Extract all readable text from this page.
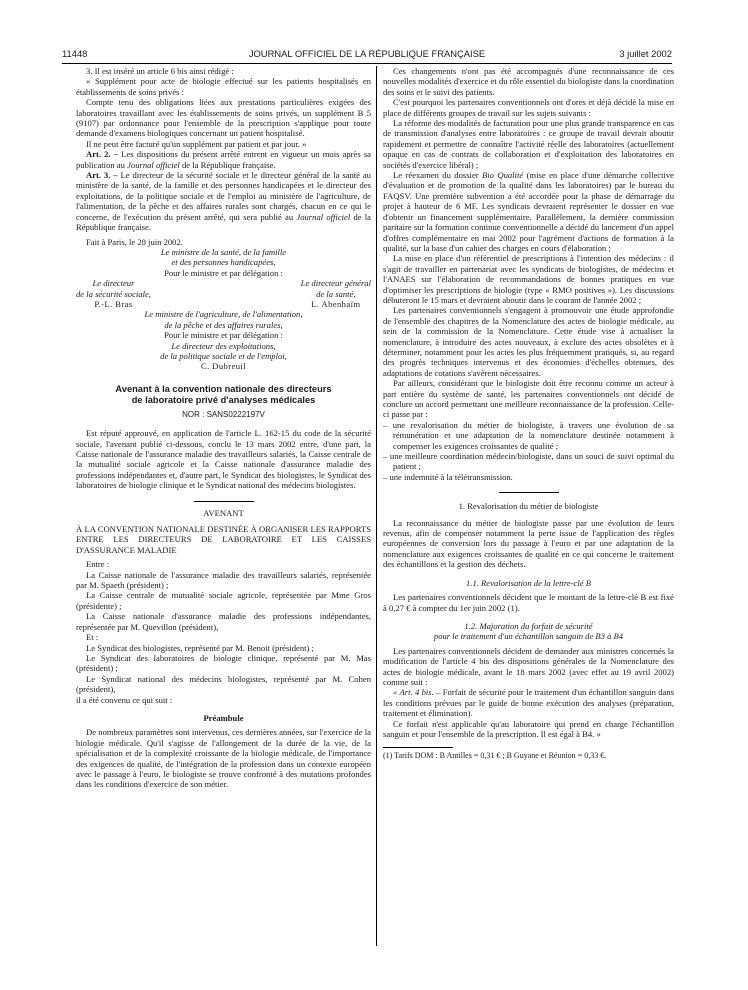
11448	JOURNAL OFFICIEL DE LA RÉPUBLIQUE FRANÇAISE	3 juillet 2002

3. Il est inséré un article 6 bis ainsi rédigé :

« Supplément pour acte de biologie effectué sur les patients hospitalisés en établissements de soins privés :

Compte tenu des obligations liées aux prestations particulières exigées des laboratoires travaillant avec les établissements de soins privés, un supplément B 5 (9107) par ordonnance pour l'ensemble de la prescription s'applique pour toute demande d'examens biologiques concernant un patient hospitalisé.

Il ne peut être facturé qu'un supplément par patient et par jour. »

Art. 2. – Les dispositions du présent arrêté entrent en vigueur un mois après sa publication au Journal officiel de la République française.

Art. 3. – Le directeur de la sécurité sociale et le directeur général de la santé au ministère de la santé, de la famille et des personnes handicapées et le directeur des exploitations, de la politique sociale et de l'emploi au ministère de l'agriculture, de l'alimentation, de la pêche et des affaires rurales sont chargés, chacun en ce qui le concerne, de l'exécution du présent arrêté, qui sera publié au Journal officiel de la République française.

Fait à Paris, le 28 juin 2002.

Le ministre de la santé, de la famille
et des personnes handicapées,
Pour le ministre et par délégation :
Le directeur
de la sécurité sociale,
P.-L. Bras
Le directeur général
de la santé,
L. Abenhaïm
Le ministre de l'agriculture, de l'alimentation,
de la pêche et des affaires rurales,
Pour le ministre et par délégation :
Le directeur des exploitations,
de la politique sociale et de l'emploi,
C. Dubreuil
Avenant à la convention nationale des directeurs
de laboratoire privé d'analyses médicales
NOR : SANS0222197V

Est réputé approuvé, en application de l'article L. 162-15 du code de la sécurité sociale, l'avenant publié ci-dessous, conclu le 13 mars 2002 entre, d'une part, la Caisse nationale de l'assurance maladie des travailleurs salariés, la Caisse centrale de la mutualité sociale agricole et la Caisse nationale d'assurance maladie des professions indépendantes et, d'autre part, le Syndicat des biologistes, le Syndicat des laboratoires de biologie clinique et le Syndicat national des médecins biologistes.

AVENANT

À LA CONVENTION NATIONALE DESTINÉE À ORGANISER LES RAPPORTS ENTRE LES DIRECTEURS DE LABORATOIRE ET LES CAISSES D'ASSURANCE MALADIE

Entre :

La Caisse nationale de l'assurance maladie des travailleurs salariés, représentée par M. Spaeth (président) ;

La Caisse centrale de mutualité sociale agricole, représentée par Mme Gros (présidente) ;

La Caisse nationale d'assurance maladie des professions indépendantes, représentée par M. Quevillon (président),

Et :

Le Syndicat des biologistes, représenté par M. Benoit (président) ;

Le Syndicat des laboratoires de biologie clinique, représenté par M. Mas (président) ;

Le Syndicat national des médecins biologistes, représenté par M. Cohen (président),

il a été convenu ce qui suit :

Préambule

De nombreux paramètres sont intervenus, ces dernières années, sur l'exercice de la biologie médicale. Qu'il s'agisse de l'allongement de la durée de la vie, de la spécialisation et de la complexité croissante de la biologie médicale, de l'importance des exigences de qualité, de l'intégration de la profession dans un contexte européen avec le passage à l'euro, le biologiste se trouve confronté à des mutations profondes dans les conditions d'exercice de son métier.

Ces changements n'ont pas été accompagnés d'une reconnaissance de ces nouvelles modalités d'exercice et du rôle essentiel du biologiste dans la coordination des soins et le suivi des patients.

C'est pourquoi les partenaires conventionnels ont d'ores et déjà décidé la mise en place de différents groupes de travail sur les sujets suivants :

La réforme des modalités de facturation pour une plus grande transparence en cas de transmission d'analyses entre laboratoires : ce groupe de travail devrait aboutir rapidement et permettre de connaître l'activité réelle des laboratoires (actuellement opaque en cas de contrats de collaboration et d'exploitation des laboratoires en sociétés d'exercice libéral) ;

Le réexamen du dossier Bio Qualité (mise en place d'une démarche collective d'évaluation et de promotion de la qualité dans les laboratoires) par le bureau du FAQSV. Une première subvention a été accordée pour la phase de démarrage du projet à hauteur de 6 MF. Les syndicats devraient représenter le dossier en vue d'obtenir un financement supplémentaire. Parallèlement, la dernière commission paritaire sur la formation continue conventionnelle a décidé du lancement d'un appel d'offres complémentaire en mai 2002 pour l'agrément d'actions de formation à la qualité, sur la base d'un cahier des charges en cours d'élaboration ;

La mise en place d'un référentiel de prescriptions à l'intention des médecins : il s'agit de travailler en partenariat avec les syndicats de biologistes, de médecins et l'ANAES sur l'élaboration de recommandations de bonnes pratiques en vue d'optimiser les prescriptions de biologie (type « RMO positives »). Les discussions débuteront le 15 mars et devraient aboutir dans le courant de l'année 2002 ;

Les partenaires conventionnels s'engagent à promouvoir une étude approfondie de l'ensemble des chapitres de la Nomenclature des actes de biologie médicale, au sein de la commission de la Nomenclature. Cette étude vise à actualiser la nomenclature, à introduire des actes nouveaux, à exclure des actes obsolètes et à déterminer, notamment pour les actes les plus fréquemment pratiqués, si, au regard des progrès techniques intervenus et des économies d'échelles obtenues, des adaptations de cotations s'avèrent nécessaires.

Par ailleurs, considérant que le biologiste doit être reconnu comme un acteur à part entière du système de santé, les partenaires conventionnels ont décidé de conclure un accord permettant une meilleure reconnaissance de la profession. Celle-ci passe par :

– une revalorisation du métier de biologiste, à travers une évolution de sa rémunération et une adaptation de la nomenclature destinée notamment à compenser les exigences croissantes de qualité ;
– une meilleure coordination médecin/biologiste, dans un souci de suivi optimal du patient ;
– une indemnité à la télétransmission.

1. Revalorisation du métier de biologiste

La reconnaissance du métier de biologiste passe par une évolution de leurs revenus, afin de compenser notamment la perte issue de l'application des règles européennes de conversion lors du passage à l'euro et par une adaptation de la nomenclature aux exigences croissantes de qualité en ce qui concerne le traitement des échantillons et la gestion des déchets.

1.1. Revalorisation de la lettre-clé B

Les partenaires conventionnels décident que le montant de la lettre-clé B est fixé à 0,27 € à compter du 1er juin 2002 (1).

1.2. Majoration du forfait de sécurité

pour le traitement d'un échantillon sanguin de B3 à B4

Les partenaires conventionnels décident de demander aux ministres concernés la modification de l'article 4 bis des dispositions générales de la Nomenclature des actes de biologie médicale, avant le 18 mars 2002 (avec effet au 19 avril 2002) comme suit :

« Art. 4 bis. – Forfait de sécurité pour le traitement d'un échantillon sanguin dans les conditions prévues par le guide de bonne exécution des analyses (préparation, traitement et élimination).

Ce forfait n'est applicable qu'au laboratoire qui prend en charge l'échantillon sanguin et pour l'ensemble de la prescription. Il est égal à B4. »

(1) Tarifs DOM : B Antilles = 0,31 € ; B Guyane et Réunion = 0,33 €.
